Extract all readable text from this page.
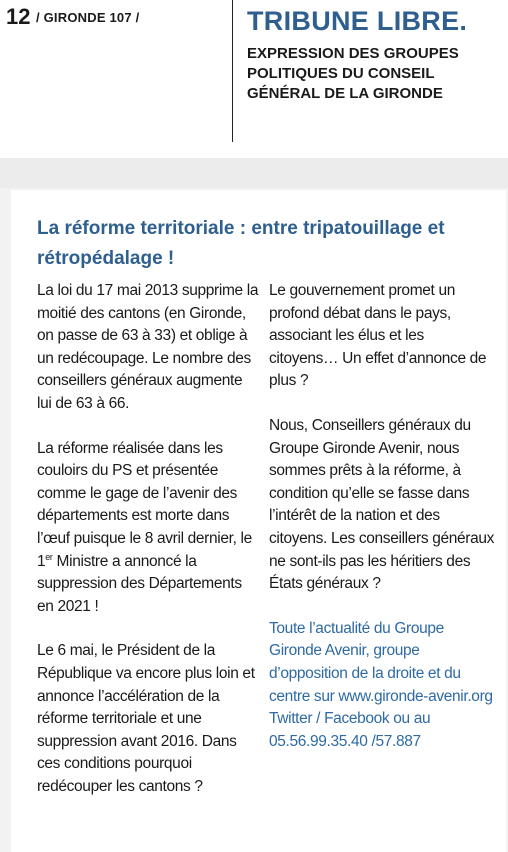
12 / GIRONDE 107 /	TRIBUNE LIBRE.
EXPRESSION DES GROUPES POLITIQUES DU CONSEIL GÉNÉRAL DE LA GIRONDE
La réforme territoriale : entre tripatouillage et rétropédalage !

La loi du 17 mai 2013 supprime la moitié des cantons (en Gironde, on passe de 63 à 33) et oblige à un redécoupage. Le nombre des conseillers généraux augmente lui de 63 à 66.

La réforme réalisée dans les couloirs du PS et présentée comme le gage de l’avenir des départements est morte dans l’œuf puisque le 8 avril dernier, le 1er Ministre a annoncé la suppression des Départements en 2021 !

Le 6 mai, le Président de la République va encore plus loin et annonce l’accélération de la réforme territoriale et une suppression avant 2016. Dans ces conditions pourquoi redécouper les cantons ?

Le gouvernement promet un profond débat dans le pays, associant les élus et les citoyens… Un effet d’annonce de plus ?

Nous, Conseillers généraux du Groupe Gironde Avenir, nous sommes prêts à la réforme, à condition qu’elle se fasse dans l’intérêt de la nation et des citoyens. Les conseillers généraux ne sont-ils pas les héritiers des États généraux ?

Toute l’actualité du Groupe Gironde Avenir, groupe d’opposition de la droite et du centre sur www.gironde-avenir.org Twitter / Facebook ou au 05.56.99.35.40 /57.887
